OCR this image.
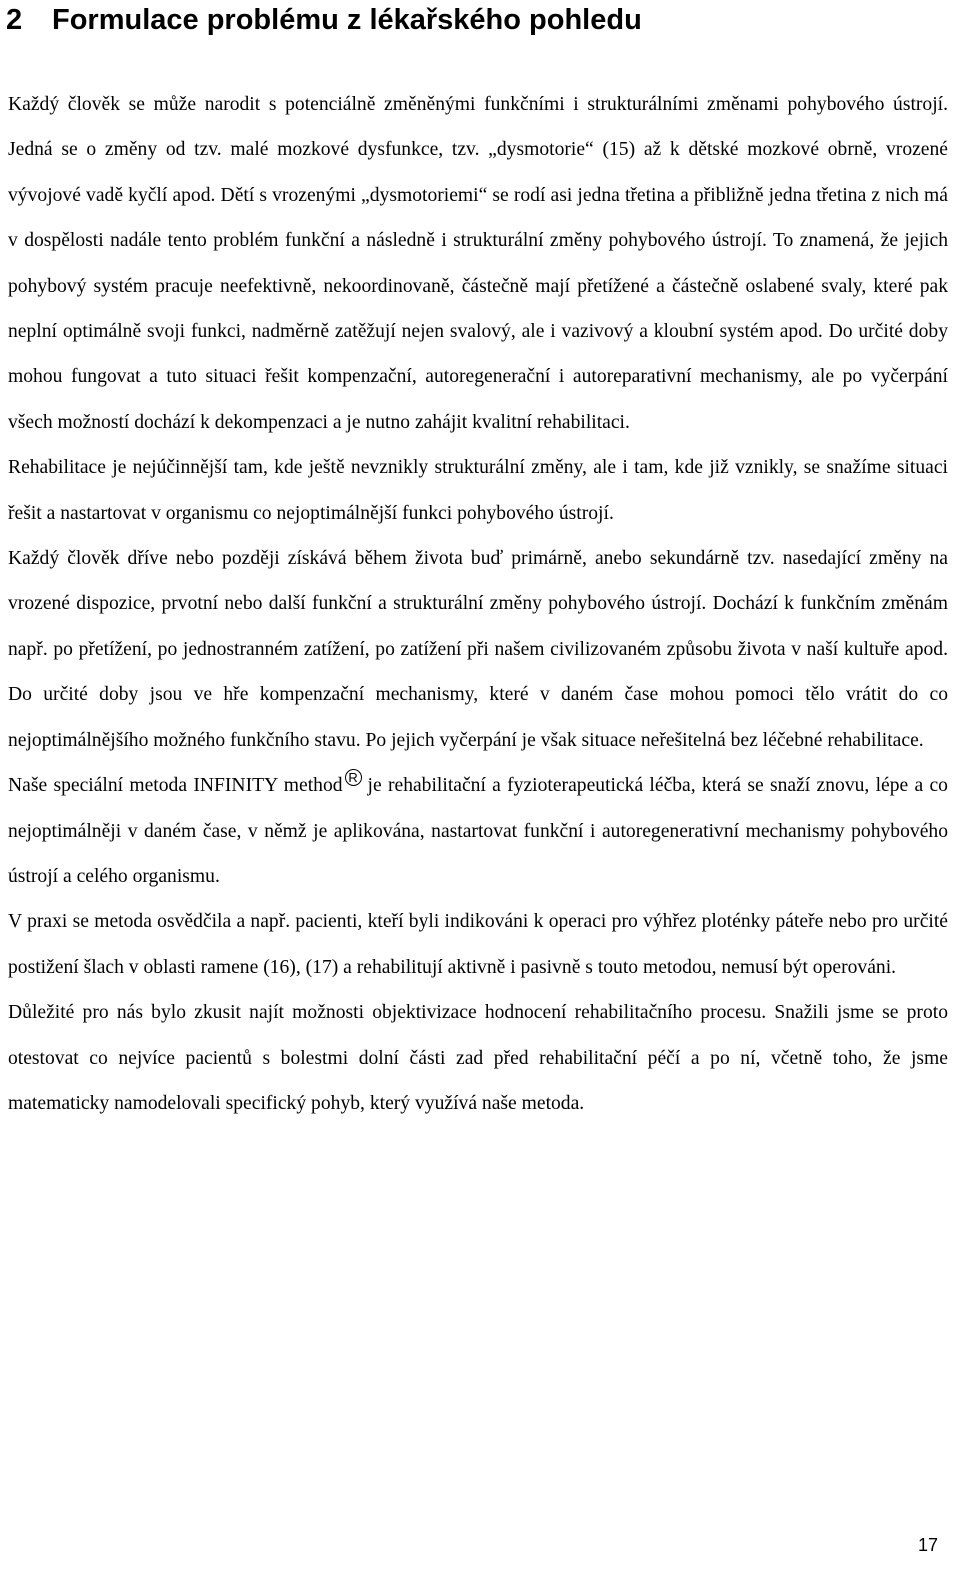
2 Formulace problému z lékařského pohledu

Každý člověk se může narodit s potenciálně změněnými funkčními i strukturálními změnami pohybového ústrojí. Jedná se o změny od tzv. malé mozkové dysfunkce, tzv. „dysmotorie“ (15) až k dětské mozkové obrně, vrozené vývojové vadě kyčlí apod. Dětí s vrozenými „dysmotoriemi“ se rodí asi jedna třetina a přibližně jedna třetina z nich má v dospělosti nadále tento problém funkční a následně i strukturální změny pohybového ústrojí. To znamená, že jejich pohybový systém pracuje neefektivně, nekoordinovaně, částečně mají přetížené a částečně oslabené svaly, které pak neplní optimálně svoji funkci, nadměrně zatěžují nejen svalový, ale i vazivový a kloubní systém apod. Do určité doby mohou fungovat a tuto situaci řešit kompenzační, autoregenerační i autoreparativní mechanismy, ale po vyčerpání všech možností dochází k dekompenzaci a je nutno zahájit kvalitní rehabilitaci.

Rehabilitace je nejúčinnější tam, kde ještě nevznikly strukturální změny, ale i tam, kde již vznikly, se snažíme situaci řešit a nastartovat v organismu co nejoptimálnější funkci pohybového ústrojí.

Každý člověk dříve nebo později získává během života buď primárně, anebo sekundárně tzv. nasedající změny na vrozené dispozice, prvotní nebo další funkční a strukturální změny pohybového ústrojí. Dochází k funkčním změnám např. po přetížení, po jednostranném zatížení, po zatížení při našem civilizovaném způsobu života v naší kultuře apod. Do určité doby jsou ve hře kompenzační mechanismy, které v daném čase mohou pomoci tělo vrátit do co nejoptimálnějšího možného funkčního stavu. Po jejich vyčerpání je však situace neřešitelná bez léčebné rehabilitace.

Naše speciální metoda INFINITY method R je rehabilitační a fyzioterapeutická léčba, která se snaží znovu, lépe a co nejoptimálněji v daném čase, v němž je aplikována, nastartovat funkční i autoregenerativní mechanismy pohybového ústrojí a celého organismu.

V praxi se metoda osvědčila a např. pacienti, kteří byli indikováni k operaci pro výhřez ploténky páteře nebo pro určité postižení šlach v oblasti ramene (16), (17) a rehabilitují aktivně i pasivně s touto metodou, nemusí být operováni.

Důležité pro nás bylo zkusit najít možnosti objektivizace hodnocení rehabilitačního procesu. Snažili jsme se proto otestovat co nejvíce pacientů s bolestmi dolní části zad před rehabilitační péčí a po ní, včetně toho, že jsme matematicky namodelovali specifický pohyb, který využívá naše metoda.

17
